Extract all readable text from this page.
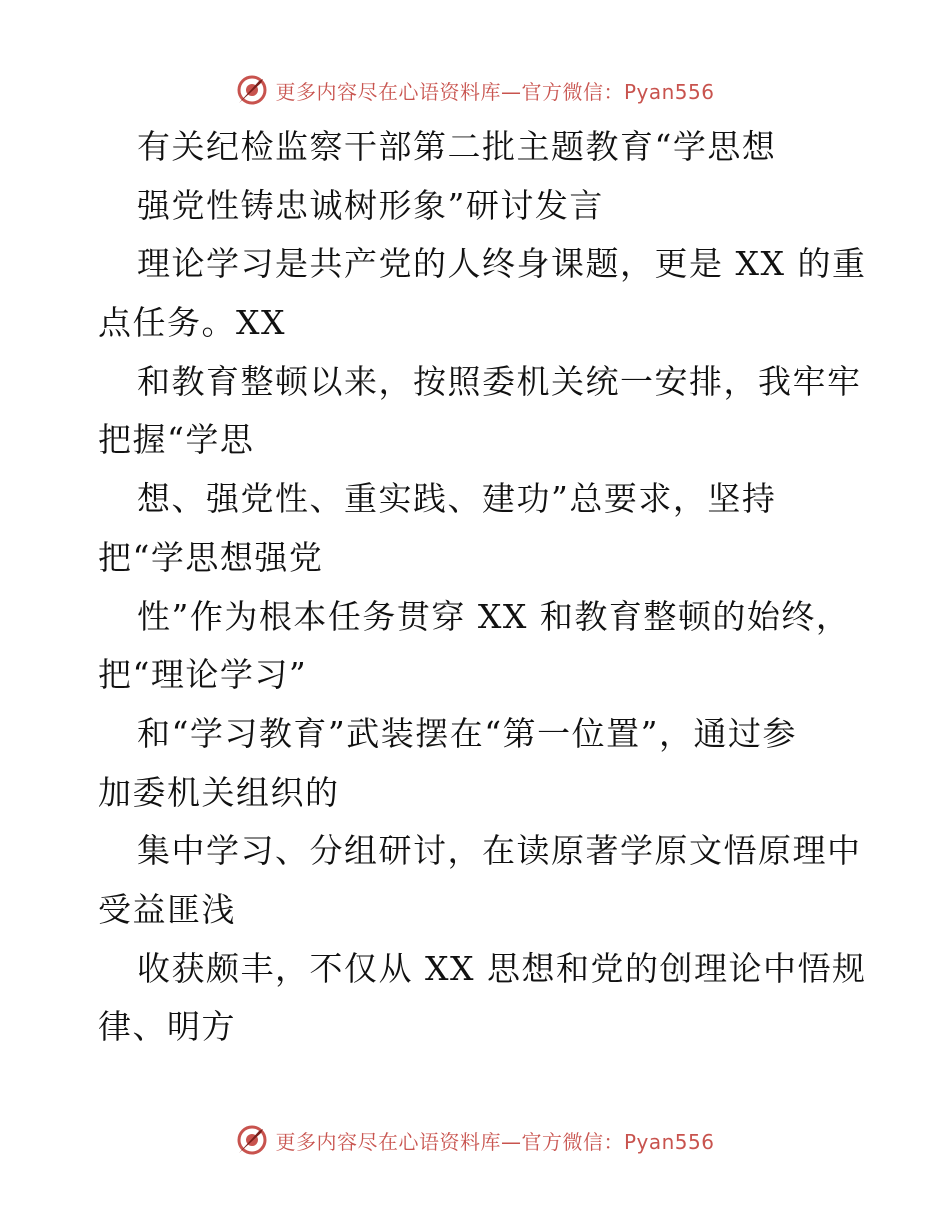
更多内容尽在心语资料库—官方微信：Pyan556
有关纪检监察干部第二批主题教育“学思想
强党性铸忠诚树形象”研讨发言
理论学习是共产党的人终身课题，更是 XX 的重
点任务。XX
和教育整顿以来，按照委机关统一安排，我牢牢
把握“学思
想、强党性、重实践、建功”总要求，坚持
把“学思想强党
性”作为根本任务贯穿 XX 和教育整顿的始终，
把“理论学习”
和“学习教育”武装摆在“第一位置”，通过参
加委机关组织的
集中学习、分组研讨，在读原著学原文悟原理中
受益匪浅
收获颇丰，不仅从 XX 思想和党的创理论中悟规
律、明方
更多内容尽在心语资料库—官方微信：Pyan556
